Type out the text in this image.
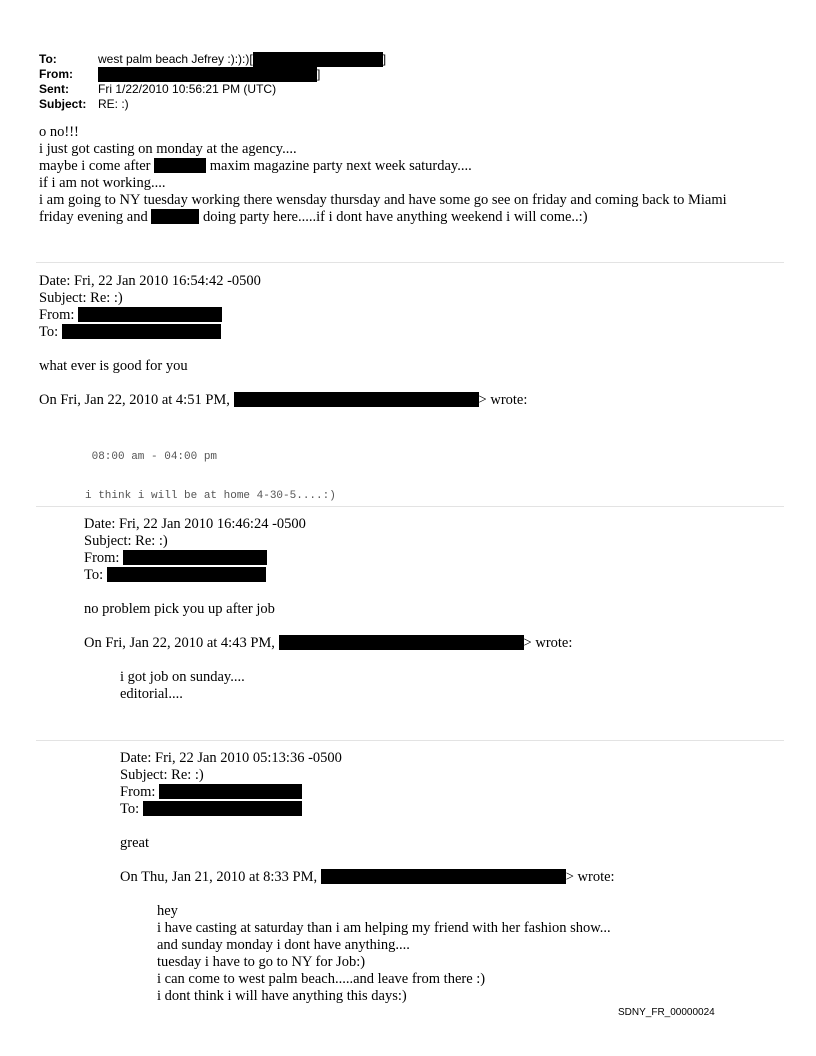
To:	west palm beach Jefrey :):):)[	]
From:	]
Sent:	Fri 1/22/2010 10:56:21 PM (UTC)
Subject: RE: :)
o no!!!
i just got casting on monday at the agency....
maybe i come after	maxim magazine party next week saturday....
if i am not working....
i am going to NY tuesday working there wensday thursday and have some go see on friday and coming back to Miami
friday evening and	doing party here.....if i dont have anything weekend i will come..:)
Date: Fri, 22 Jan 2010 16:54:42 -0500
Subject: Re: :)
From:
To:
what ever is good for you
On Fri, Jan 22, 2010 at 4:51 PM,	> wrote:

08:00 am - 04:00 pm

i think i will be at home 4-30-5....:)

Date: Fri, 22 Jan 2010 16:46:24 -0500
Subject: Re: :)
From:
To:
no problem pick you up after job
On Fri, Jan 22, 2010 at 4:43 PM,	> wrote:
i got job on sunday....
editorial....
Date: Fri, 22 Jan 2010 05:13:36 -0500
Subject: Re: :)
From:
To:
great
On Thu, Jan 21, 2010 at 8:33 PM,	> wrote:
hey
i have casting at saturday than i am helping my friend with her fashion show...
and sunday monday i dont have anything....
tuesday i have to go to NY for Job:)
i can come to west palm beach.....and leave from there :)
i dont think i will have anything this days:)
SDNY_FR_00000024
